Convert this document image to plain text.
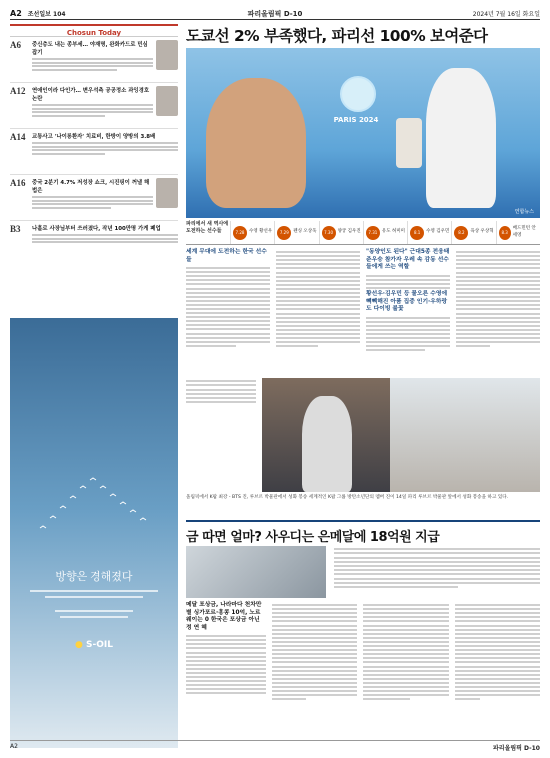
A2 조선일보 104	파리올림픽 D-10	2024년 7월 16일 화요일
Chosun Today
A6	중신층도 내는 종부세… 야재명, 완화카드로 민심 잡기
A12	연애인이라 다인가… 변우석측 공공정소 과잉경호 논란
A14	교통사고 '나이롱환자' 치료비, 한방이 양방의 3.8배
A16	중국 2분기 4.7% 저성장 쇼크, 시진핑이 꺼낼 해법은
B3	나홀로 사장님부터 쓰러졌다, 작년 100만명 가게 폐업
방향은 경해졌다
● S-OIL
도쿄선 2% 부족했다, 파리선 100% 보여준다
PARIS 2024
연합뉴스
파리에서 새 역사에 도전하는 선수들	7.28	수영 황선우	7.29	펜싱 오상욱	7.30	양궁 김우진	7.31	유도 허미미	8.1	수영 김우민	8.2	육상 우상혁	8.3
배드민턴 안세영
세계 무대에 도전하는 한국 선수들
"동양인도 된다" 근대5종 전웅태 준우승 참가자 우레 속 감동 선수 들에게 쓰는 역할
황선우·김우민 등 물오른 수영에 빽빽해진 아품 집중 인기·우하랑도 다이빙 불꽃
올림픽에서 K팝 최강 - BTS 진, 루브르 박물관에서 성화 봉송 세계적인 K팝 그룹 방탄소년단의 멤버 진이 14일 파리 루브르 박물관 앞에서 성화 봉송을 하고 있다.
금 따면 얼마? 사우디는 은메달에 18억원 지급
메달 포상금, 나라마다 천차만별 싱가포르·홍콩 10억, 노르웨이는 0 한국은 포상금 아닌 정 연 혜
A2	파리올림픽 D-10
